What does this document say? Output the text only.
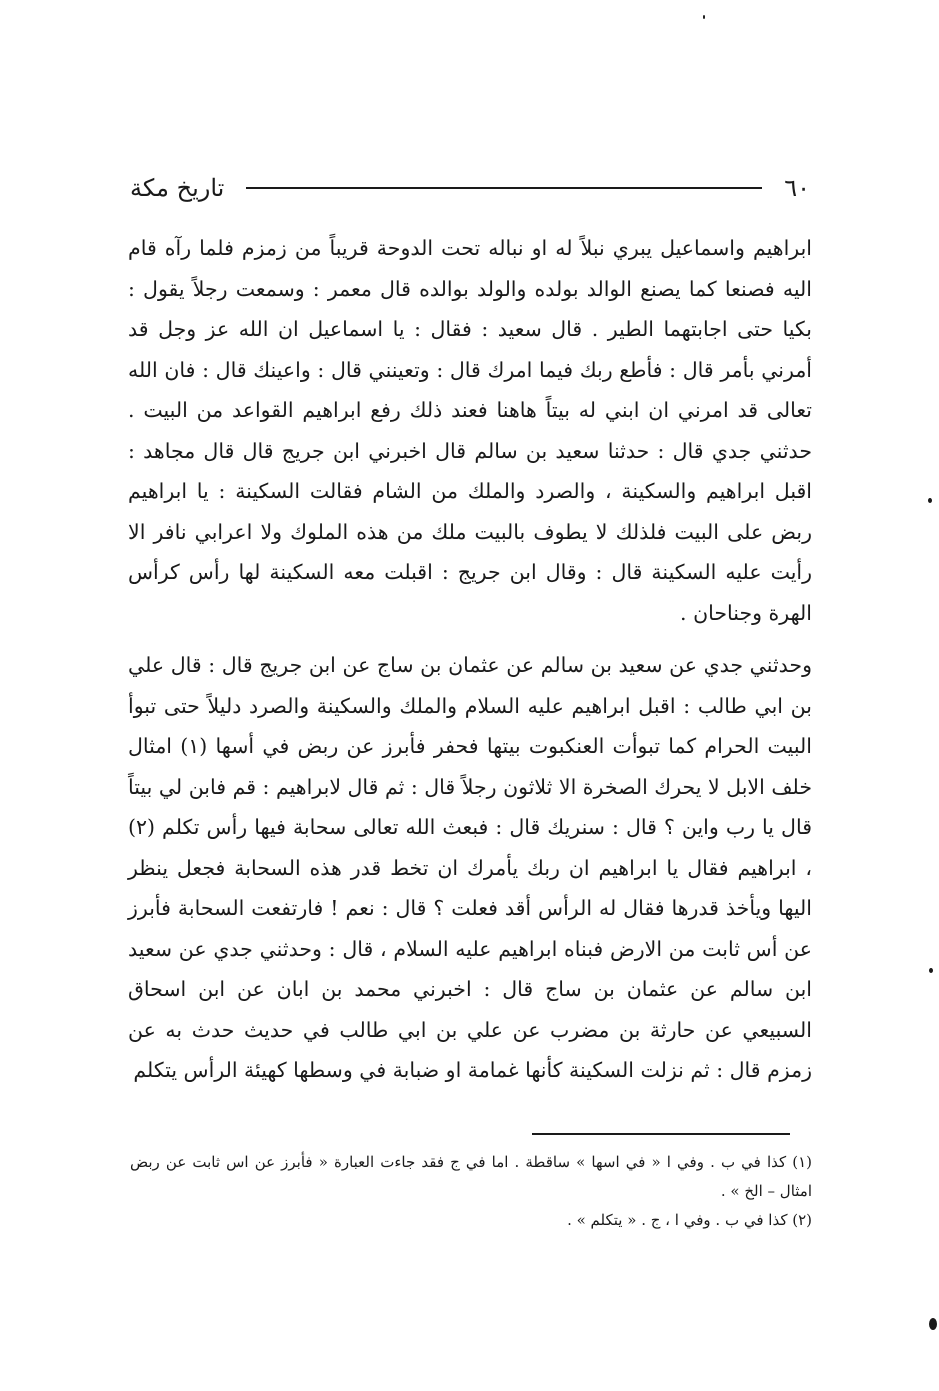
٦٠
تاريخ مكة

ابراهيم واسماعيل يبري نبلاً له او نباله تحت الدوحة قريباً من زمزم فلما رآه قام اليه فصنعا كما يصنع الوالد بولده والولد بوالده قال معمر : وسمعت رجلاً يقول : بكيا حتى اجابتهما الطير . قال سعيد : فقال : يا اسماعيل ان الله عز وجل قد أمرني بأمر قال : فأطع ربك فيما امرك قال : وتعينني قال : واعينك قال : فان الله تعالى قد امرني ان ابني له بيتاً هاهنا فعند ذلك رفع ابراهيم القواعد من البيت . حدثني جدي قال : حدثنا سعيد بن سالم قال اخبرني ابن جريج قال قال مجاهد : اقبل ابراهيم والسكينة ، والصرد والملك من الشام فقالت السكينة : يا ابراهيم ربض على البيت فلذلك لا يطوف بالبيت ملك من هذه الملوك ولا اعرابي نافر الا رأيت عليه السكينة قال : وقال ابن جريج : اقبلت معه السكينة لها رأس كرأس الهرة وجناحان .

وحدثني جدي عن سعيد بن سالم عن عثمان بن ساج عن ابن جريج قال : قال علي بن ابي طالب : اقبل ابراهيم عليه السلام والملك والسكينة والصرد دليلاً حتى تبوأ البيت الحرام كما تبوأت العنكبوت بيتها فحفر فأبرز عن ربض في أسها (١) امثال خلف الابل لا يحرك الصخرة الا ثلاثون رجلاً قال : ثم قال لابراهيم : قم فابن لي بيتاً قال يا رب واين ؟ قال : سنريك قال : فبعث الله تعالى سحابة فيها رأس تكلم (٢) ، ابراهيم فقال يا ابراهيم ان ربك يأمرك ان تخط قدر هذه السحابة فجعل ينظر اليها ويأخذ قدرها فقال له الرأس أقد فعلت ؟ قال : نعم ! فارتفعت السحابة فأبرز عن أس ثابت من الارض فبناه ابراهيم عليه السلام ، قال : وحدثني جدي عن سعيد ابن سالم عن عثمان بن ساج قال : اخبرني محمد بن ابان عن ابن اسحاق السبيعي عن حارثة بن مضرب عن علي بن ابي طالب في حديث حدث به عن زمزم قال : ثم نزلت السكينة كأنها غمامة او ضبابة في وسطها كهيئة الرأس يتكلم

(١) كذا في ب . وفي ا « في اسها » ساقطة . اما في ج فقد جاءت العبارة « فأبرز عن اس ثابت عن ربض امثال – الخ » .

(٢) كذا في ب . وفي ا ، ج . « يتكلم » .
